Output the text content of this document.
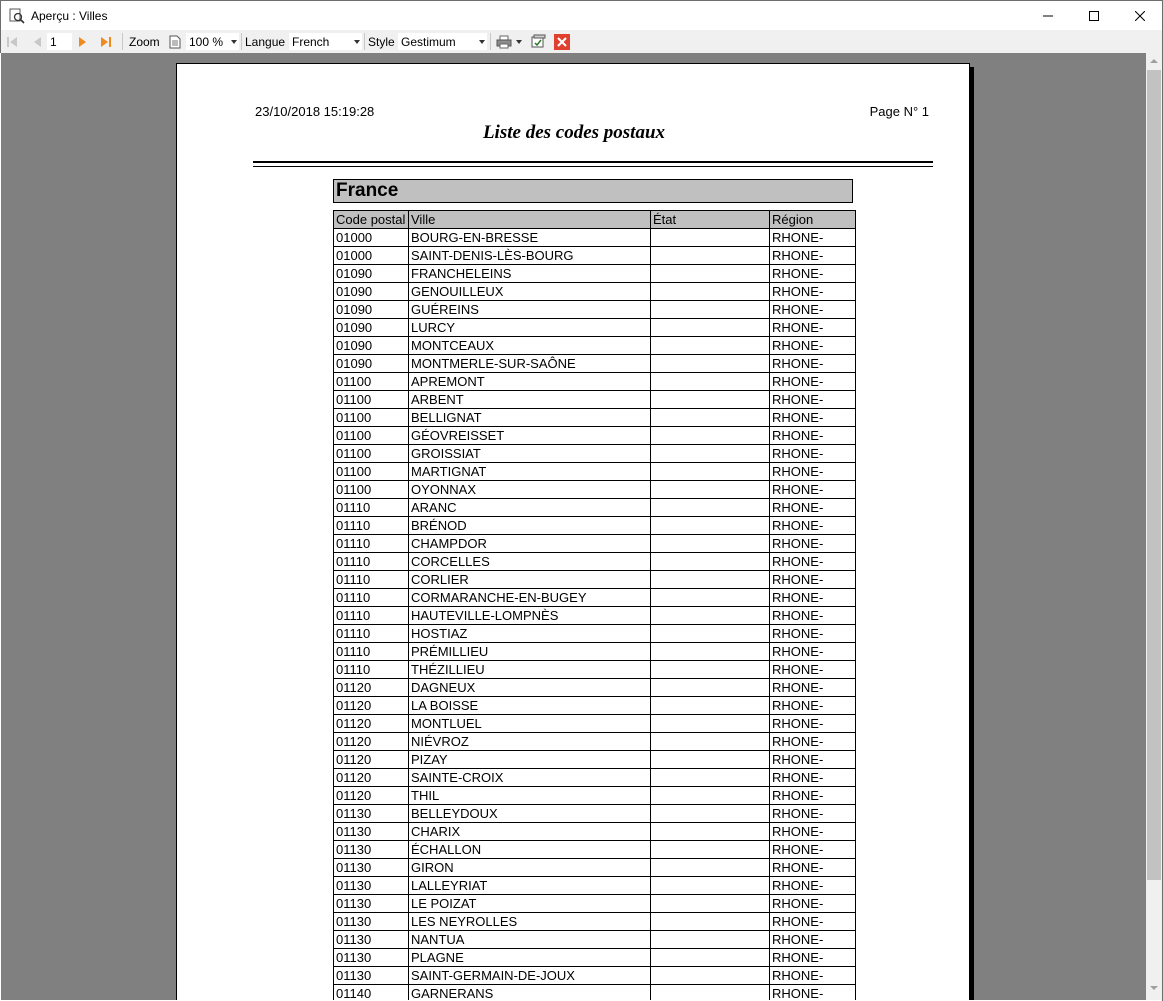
Aperçu : Villes
1	Zoom 100 % Langue French	Style Gestimum
23/10/2018 15:19:28	Page N° 1
Liste des codes postaux
France
Code postal	Ville	État	Région
01000	BOURG-EN-BRESSE		RHONE-
01000	SAINT-DENIS-LÈS-BOURG		RHONE-
01090	FRANCHELEINS		RHONE-
01090	GENOUILLEUX		RHONE-
01090	GUÉREINS		RHONE-
01090	LURCY		RHONE-
01090	MONTCEAUX		RHONE-
01090	MONTMERLE-SUR-SAÔNE		RHONE-
01100	APREMONT		RHONE-
01100	ARBENT		RHONE-
01100	BELLIGNAT		RHONE-
01100	GÉOVREISSET		RHONE-
01100	GROISSIAT		RHONE-
01100	MARTIGNAT		RHONE-
01100	OYONNAX		RHONE-
01110	ARANC		RHONE-
01110	BRÉNOD		RHONE-
01110	CHAMPDOR		RHONE-
01110	CORCELLES		RHONE-
01110	CORLIER		RHONE-
01110	CORMARANCHE-EN-BUGEY		RHONE-
01110	HAUTEVILLE-LOMPNÈS		RHONE-
01110	HOSTIAZ		RHONE-
01110	PRÉMILLIEU		RHONE-
01110	THÉZILLIEU		RHONE-
01120	DAGNEUX		RHONE-
01120	LA BOISSE		RHONE-
01120	MONTLUEL		RHONE-
01120	NIÉVROZ		RHONE-
01120	PIZAY		RHONE-
01120	SAINTE-CROIX		RHONE-
01120	THIL		RHONE-
01130	BELLEYDOUX		RHONE-
01130	CHARIX		RHONE-
01130	ÉCHALLON		RHONE-
01130	GIRON		RHONE-
01130	LALLEYRIAT		RHONE-
01130	LE POIZAT		RHONE-
01130	LES NEYROLLES		RHONE-
01130	NANTUA		RHONE-
01130	PLAGNE		RHONE-
01130	SAINT-GERMAIN-DE-JOUX		RHONE-
01140	GARNERANS		RHONE-
